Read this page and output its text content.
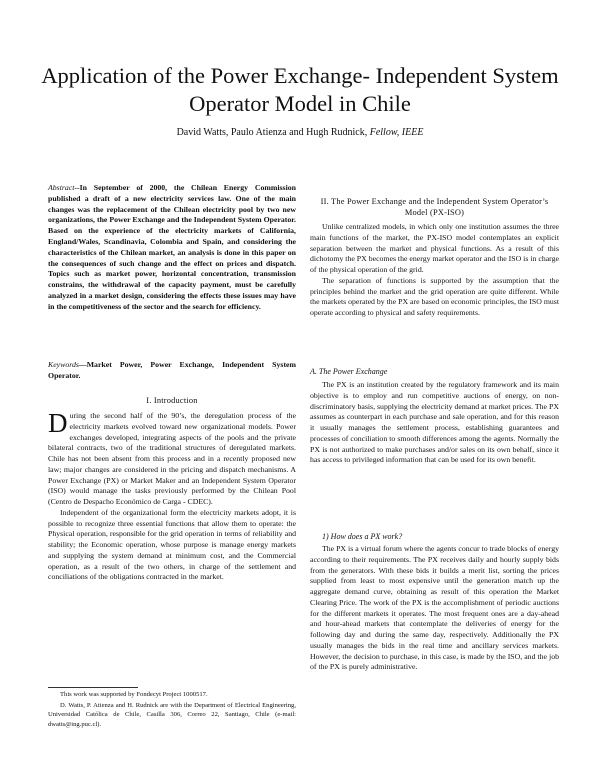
Application of the Power Exchange- Independent System Operator Model in Chile
David Watts, Paulo Atienza and Hugh Rudnick, Fellow, IEEE
Abstract--In September of 2000, the Chilean Energy Commission published a draft of a new electricity services law. One of the main changes was the replacement of the Chilean electricity pool by two new organizations, the Power Exchange and the Independent System Operator. Based on the experience of the electricity markets of California, England/Wales, Scandinavia, Colombia and Spain, and considering the characteristics of the Chilean market, an analysis is done in this paper on the consequences of such change and the effect on prices and dispatch. Topics such as market power, horizontal concentration, transmission constrains, the withdrawal of the capacity payment, must be carefully analyzed in a market design, considering the effects these issues may have in the competitiveness of the sector and the search for efficiency.
Keywords—Market Power, Power Exchange, Independent System Operator.
I. Introduction

During the second half of the 90’s, the deregulation process of the electricity markets evolved toward new organizational models. Power exchanges developed, integrating aspects of the pools and the private bilateral contracts, two of the traditional structures of deregulated markets. Chile has not been absent from this process and in a recently proposed new law; major changes are considered in the pricing and dispatch mechanisms. A Power Exchange (PX) or Market Maker and an Independent System Operator (ISO) would manage the tasks previously performed by the Chilean Pool (Centro de Despacho Económico de Carga - CDEC).

Independent of the organizational form the electricity markets adopt, it is possible to recognize three essential functions that allow them to operate: the Physical operation, responsible for the grid operation in terms of reliability and stability; the Economic operation, whose purpose is manage energy markets and supplying the system demand at minimum cost, and the Commercial operation, as a result of the two others, in charge of the settlement and conciliations of the obligations contracted in the market.

This work was supported by Fondecyt Project 1000517.
D. Watts, P. Atienza and H. Rudnick are with the Department of Electrical Engineering, Universidad Católica de Chile, Casilla 306, Correo 22, Santiago, Chile (e-mail: dwatts@ing.puc.cl).
II. The Power Exchange and the Independent System Operator’s Model (PX-ISO)

Unlike centralized models, in which only one institution assumes the three main functions of the market, the PX-ISO model contemplates an explicit separation between the market and physical functions. As a result of this dichotomy the PX becomes the energy market operator and the ISO is in charge of the physical operation of the grid.

The separation of functions is supported by the assumption that the principles behind the market and the grid operation are quite different. While the markets operated by the PX are based on economic principles, the ISO must operate according to physical and safety requirements.

A. The Power Exchange

The PX is an institution created by the regulatory framework and its main objective is to employ and run competitive auctions of energy, on non-discriminatory basis, supplying the electricity demand at market prices. The PX assumes as counterpart in each purchase and sale operation, and for this reason it usually manages the settlement process, establishing guarantees and processes of conciliation to smooth differences among the agents. Normally the PX is not authorized to make purchases and/or sales on its own behalf, since it has access to privileged information that can be used for its own benefit.

1) How does a PX work?

The PX is a virtual forum where the agents concur to trade blocks of energy according to their requirements. The PX receives daily and hourly supply bids from the generators. With these bids it builds a merit list, sorting the prices supplied from least to most expensive until the generation match up the aggregate demand curve, obtaining as result of this operation the Market Clearing Price. The work of the PX is the accomplishment of periodic auctions for the different markets it operates. The most frequent ones are a day-ahead and hour-ahead markets that contemplate the deliveries of energy for the following day and during the same day, respectively. Additionally the PX usually manages the bids in the real time and ancillary services markets. However, the decision to purchase, in this case, is made by the ISO, and the job of the PX is purely administrative.
